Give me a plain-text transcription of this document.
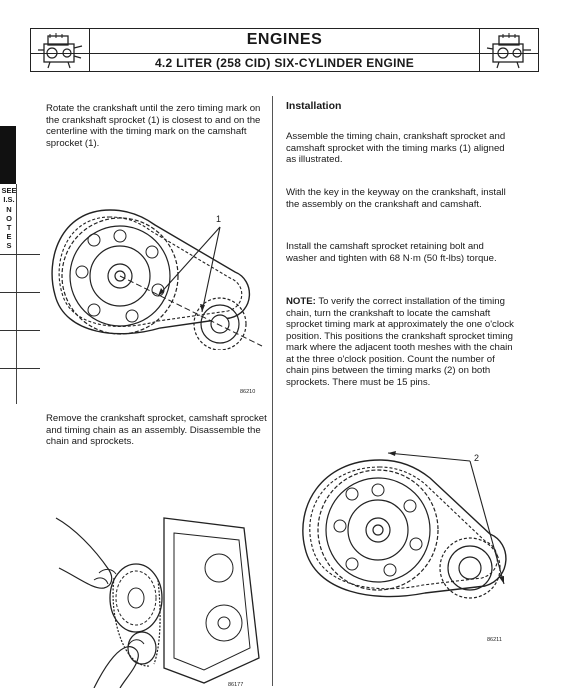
ENGINES
4.2 LITER (258 CID) SIX-CYLINDER ENGINE
SEE
I.S.
N
O
T
E
S
Rotate the crankshaft until the zero timing mark on the crankshaft sprocket (1) is closest to and on the centerline with the timing mark on the camshaft sprocket (1).
1
86210
Remove the crankshaft sprocket, camshaft sprocket and timing chain as an assembly. Disassemble the chain and sprockets.
86177
Installation
Assemble the timing chain, crankshaft sprocket and camshaft sprocket with the timing marks (1) aligned as illustrated.
With the key in the keyway on the crankshaft, install the assembly on the crankshaft and camshaft.
Install the camshaft sprocket retaining bolt and washer and tighten with 68 N·m (50 ft-lbs) torque.
NOTE: To verify the correct installation of the timing chain, turn the crankshaft to locate the camshaft sprocket timing mark at approximately the one o'clock position. This positions the crankshaft sprocket timing mark where the adjacent tooth meshes with the chain at the three o'clock position. Count the number of chain pins between the timing marks (2) on both sprockets. There must be 15 pins.
2
86211
